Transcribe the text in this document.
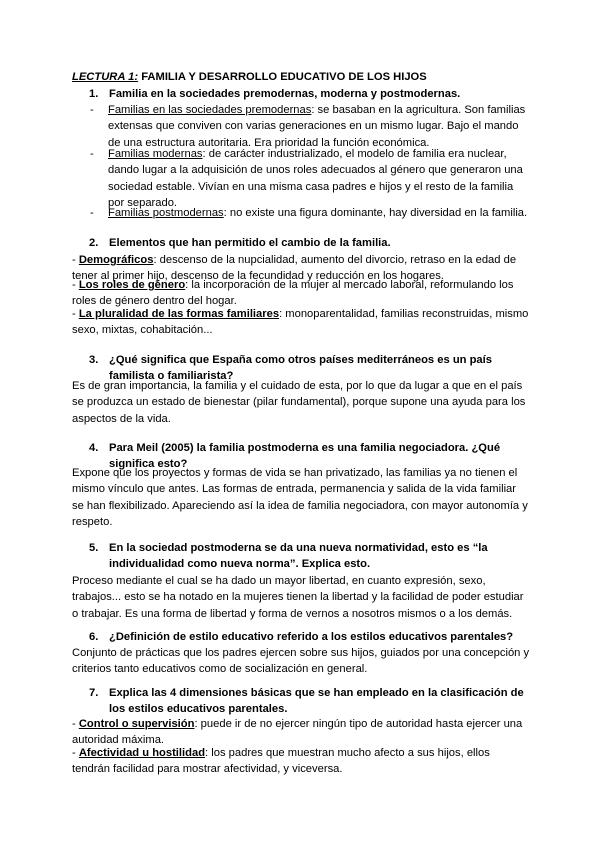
LECTURA 1: FAMILIA Y DESARROLLO EDUCATIVO DE LOS HIJOS
1. Familia en la sociedades premodernas, moderna y postmodernas.
- Familias en las sociedades premodernas: se basaban en la agricultura. Son familias extensas que conviven con varias generaciones en un mismo lugar. Bajo el mando de una estructura autoritaria. Era prioridad la función económica.
- Familias modernas: de carácter industrializado, el modelo de familia era nuclear, dando lugar a la adquisición de unos roles adecuados al género que generaron una sociedad estable. Vivían en una misma casa padres e hijos y el resto de la familia por separado.
- Familias postmodernas: no existe una figura dominante, hay diversidad en la familia.
2. Elementos que han permitido el cambio de la familia.
- Demográficos: descenso de la nupcialidad, aumento del divorcio, retraso en la edad de tener al primer hijo, descenso de la fecundidad y reducción en los hogares.
- Los roles de género: la incorporación de la mujer al mercado laboral, reformulando los roles de género dentro del hogar.
- La pluralidad de las formas familiares: monoparentalidad, familias reconstruidas, mismo sexo, mixtas, cohabitación...
3. ¿Qué significa que España como otros países mediterráneos es un país familista o familiarista?
Es de gran importancia, la familia y el cuidado de esta, por lo que da lugar a que en el país se produzca un estado de bienestar (pilar fundamental), porque supone una ayuda para los aspectos de la vida.
4. Para Meil (2005) la familia postmoderna es una familia negociadora. ¿Qué significa esto?
Expone que los proyectos y formas de vida se han privatizado, las familias ya no tienen el mismo vínculo que antes. Las formas de entrada, permanencia y salida de la vida familiar se han flexibilizado. Apareciendo así la idea de familia negociadora, con mayor autonomía y respeto.
5. En la sociedad postmoderna se da una nueva normatividad, esto es “la individualidad como nueva norma”. Explica esto.
Proceso mediante el cual se ha dado un mayor libertad, en cuanto expresión, sexo, trabajos... esto se ha notado en la mujeres tienen la libertad y la facilidad de poder estudiar o trabajar. Es una forma de libertad y forma de vernos a nosotros mismos o a los demás.
6. ¿Definición de estilo educativo referido a los estilos educativos parentales?
Conjunto de prácticas que los padres ejercen sobre sus hijos, guiados por una concepción y criterios tanto educativos como de socialización en general.
7. Explica las 4 dimensiones básicas que se han empleado en la clasificación de los estilos educativos parentales.
- Control o supervisión: puede ir de no ejercer ningún tipo de autoridad hasta ejercer una autoridad máxima.
- Afectividad u hostilidad: los padres que muestran mucho afecto a sus hijos, ellos tendrán facilidad para mostrar afectividad, y viceversa.
